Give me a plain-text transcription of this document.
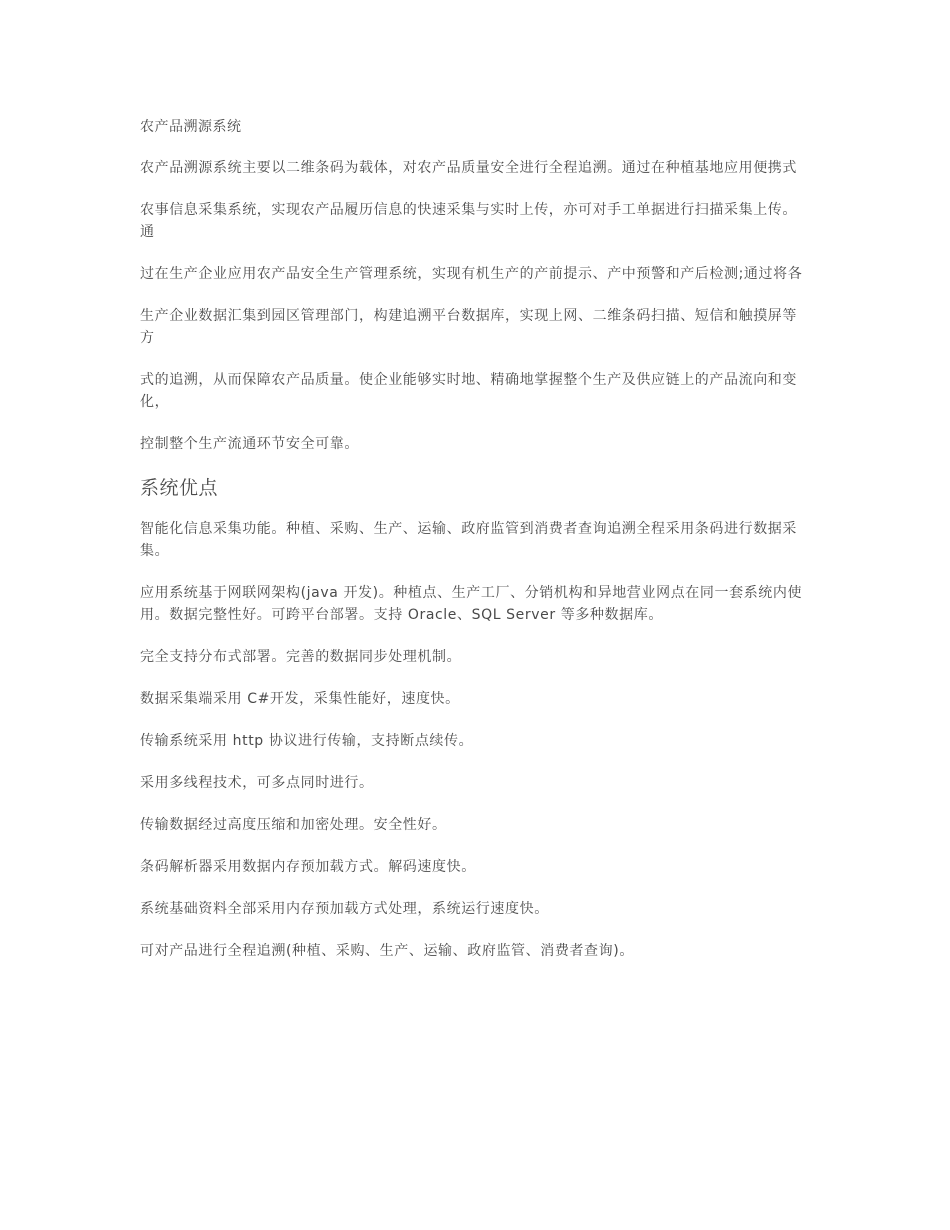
农产品溯源系统

农产品溯源系统主要以二维条码为载体，对农产品质量安全进行全程追溯。通过在种植基地应用便携式

农事信息采集系统，实现农产品履历信息的快速采集与实时上传，亦可对手工单据进行扫描采集上传。通

过在生产企业应用农产品安全生产管理系统，实现有机生产的产前提示、产中预警和产后检测;通过将各

生产企业数据汇集到园区管理部门，构建追溯平台数据库，实现上网、二维条码扫描、短信和触摸屏等方

式的追溯，从而保障农产品质量。使企业能够实时地、精确地掌握整个生产及供应链上的产品流向和变化，

控制整个生产流通环节安全可靠。

系统优点

智能化信息采集功能。种植、采购、生产、运输、政府监管到消费者查询追溯全程采用条码进行数据采集。

应用系统基于网联网架构(java 开发)。种植点、生产工厂、分销机构和异地营业网点在同一套系统内使用。数据完整性好。可跨平台部署。支持 Oracle、SQL Server 等多种数据库。

完全支持分布式部署。完善的数据同步处理机制。

数据采集端采用 C#开发，采集性能好，速度快。

传输系统采用 http 协议进行传输，支持断点续传。

采用多线程技术，可多点同时进行。

传输数据经过高度压缩和加密处理。安全性好。

条码解析器采用数据内存预加载方式。解码速度快。

系统基础资料全部采用内存预加载方式处理，系统运行速度快。

可对产品进行全程追溯(种植、采购、生产、运输、政府监管、消费者查询)。
